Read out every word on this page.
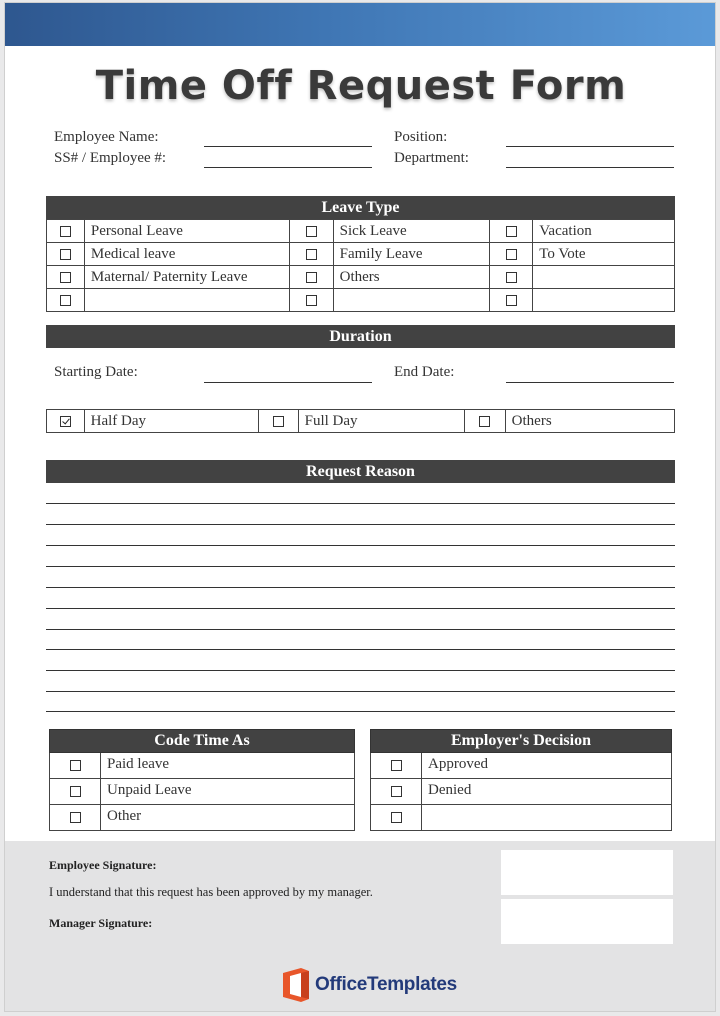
Time Off Request Form
Employee Name:
SS# / Employee #:
Position:
Department:
Leave Type
	Personal Leave		Sick Leave		Vacation
	Medical leave		Family Leave		To Vote
	Maternal/ Paternity Leave		Others		

Duration
Starting Date:	End Date:
	Half Day		Full Day		Others
Request Reason
Code Time As	
	Paid leave
	Unpaid Leave
	Other
Employer's Decision	
	Approved
	Denied

Employee Signature:
I understand that this request has been approved by my manager.
Manager Signature:
OfficeTemplates
